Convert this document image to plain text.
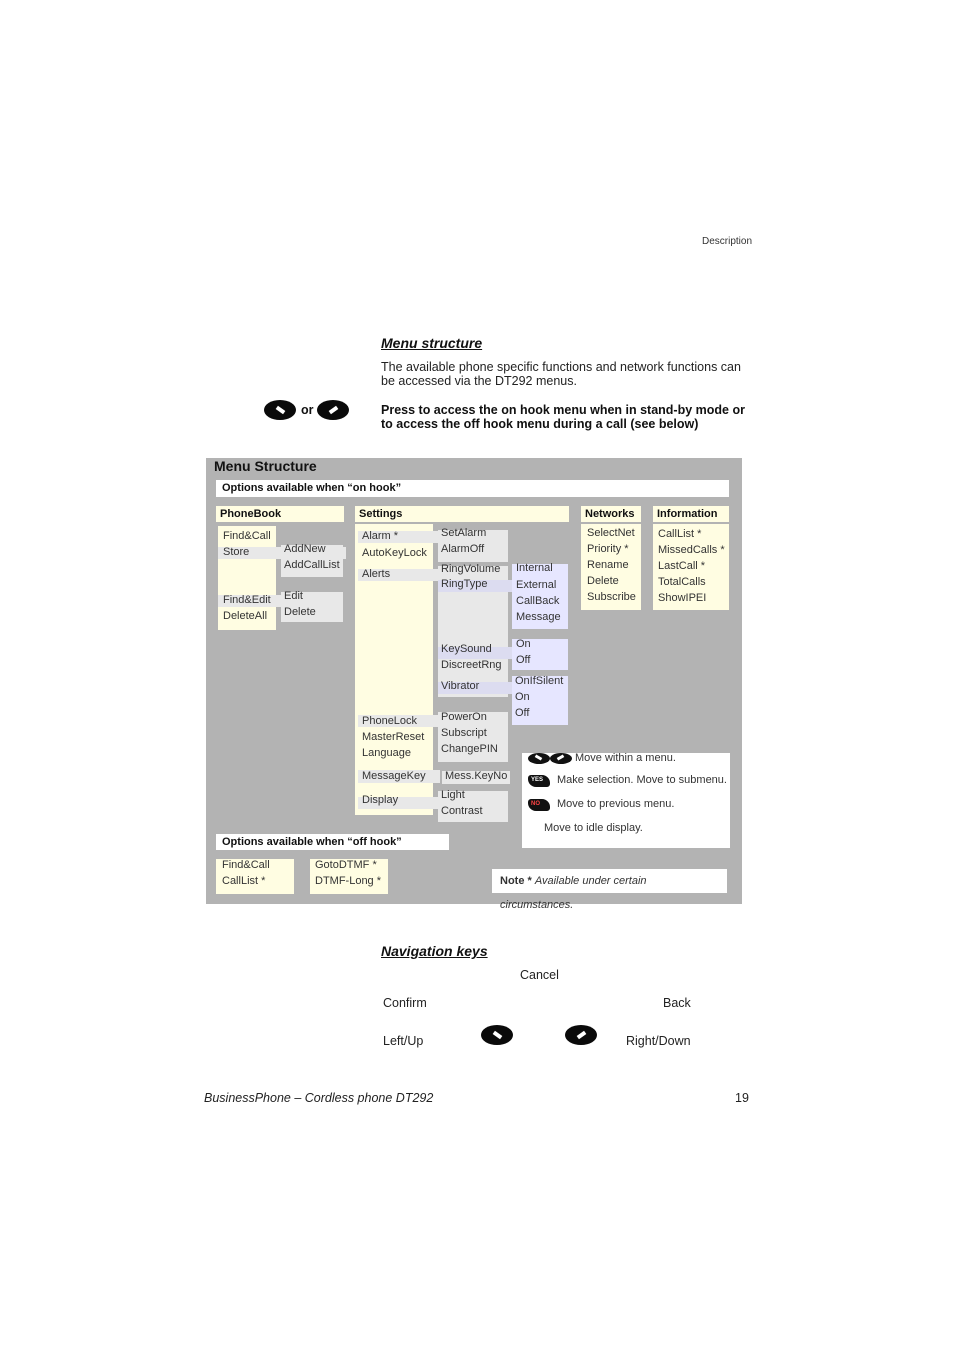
Description
Menu structure
The available phone specific functions and network functions can be accessed via the DT292 menus.
or	Press to access the on hook menu when in stand-by mode or to access the off hook menu during a call (see below)
Menu Structure
Options available when “on hook”
PhoneBook
Find&Call
Store
Find&Edit
DeleteAll
AddNew
AddCallList
Edit
Delete
Settings
Alarm *
AutoKeyLock
Alerts
PhoneLock
MasterReset
Language
MessageKey
Display
SetAlarm
AlarmOff
RingVolume
RingType
KeySound
DiscreetRng
Vibrator
Internal
External
CallBack
Message
On
Off
OnIfSilent
On
Off
PowerOn
Subscript
ChangePIN
Mess.KeyNo
Light
Contrast
Networks
SelectNet
Priority *
Rename
Delete
Subscribe
Information
CallList *
MissedCalls *
LastCall *
TotalCalls
ShowIPEI
Move within a menu.
YES Make selection. Move to submenu.
NO Move to previous menu.
Move to idle display.
Options available when “off hook”
Find&Call
CallList *
GotoDTMF *
DTMF-Long *	Note * Available under certain circumstances.
Navigation keys
Cancel
Confirm	Back
Left/Up	Right/Down
BusinessPhone – Cordless phone DT292	19
